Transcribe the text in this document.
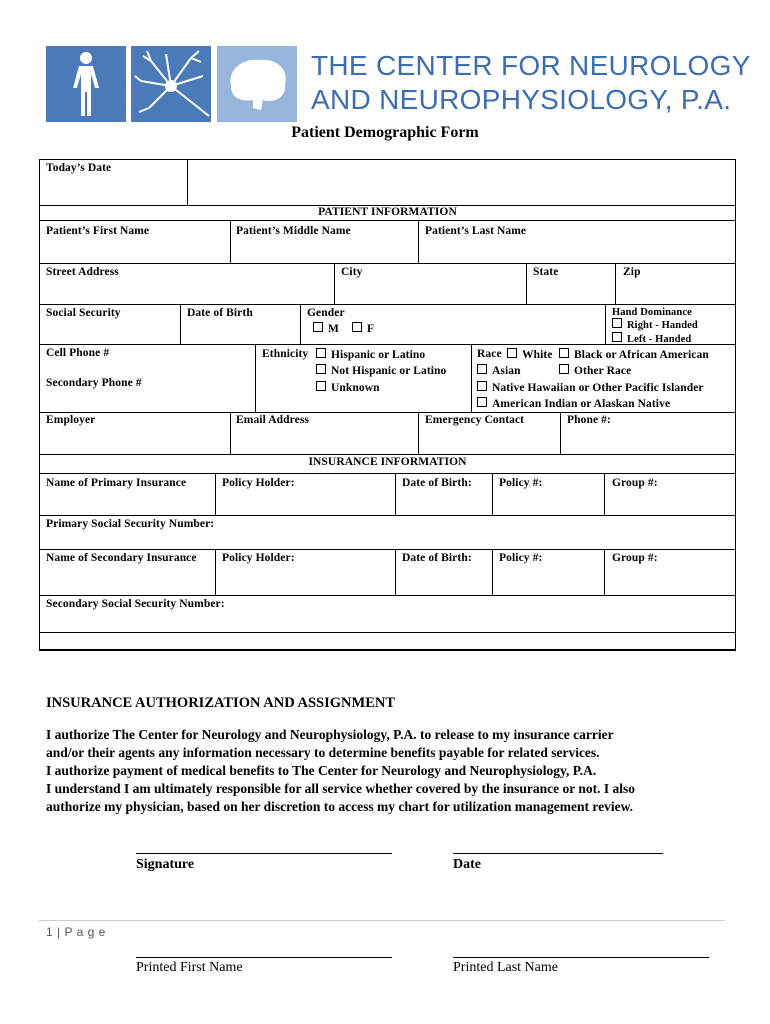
THE CENTER FOR NEUROLOGY
AND NEUROPHYSIOLOGY, P.A.
Patient Demographic Form
Today’s Date
PATIENT INFORMATION
Patient’s First Name	Patient’s Middle Name	Patient’s Last Name
Street Address	City	State	Zip
Social Security	Date of Birth	Gender
M	F
Hand Dominance
Right - Handed
Left - Handed
Cell Phone #
Secondary Phone #
Ethnicity	Hispanic or Latino
Not Hispanic or Latino
Unknown
Race	White	Black or African American
Asian	Other Race
Native Hawaiian or Other Pacific Islander
American Indian or Alaskan Native
Employer	Email Address	Emergency Contact	Phone #:
INSURANCE INFORMATION
Name of Primary Insurance	Policy Holder:	Date of Birth: Policy #:	Group #:
Primary Social Security Number:
Name of Secondary Insurance Policy Holder:	Date of Birth: Policy #:	Group #:
Secondary Social Security Number:
INSURANCE AUTHORIZATION AND ASSIGNMENT
I authorize The Center for Neurology and Neurophysiology, P.A. to release to my insurance carrier
and/or their agents any information necessary to determine benefits payable for related services.
I authorize payment of medical benefits to The Center for Neurology and Neurophysiology, P.A.
I understand I am ultimately responsible for all service whether covered by the insurance or not. I also
authorize my physician, based on her discretion to access my chart for utilization management review.
Signature	Date
1 | P a g e
Printed First Name	Printed Last Name
